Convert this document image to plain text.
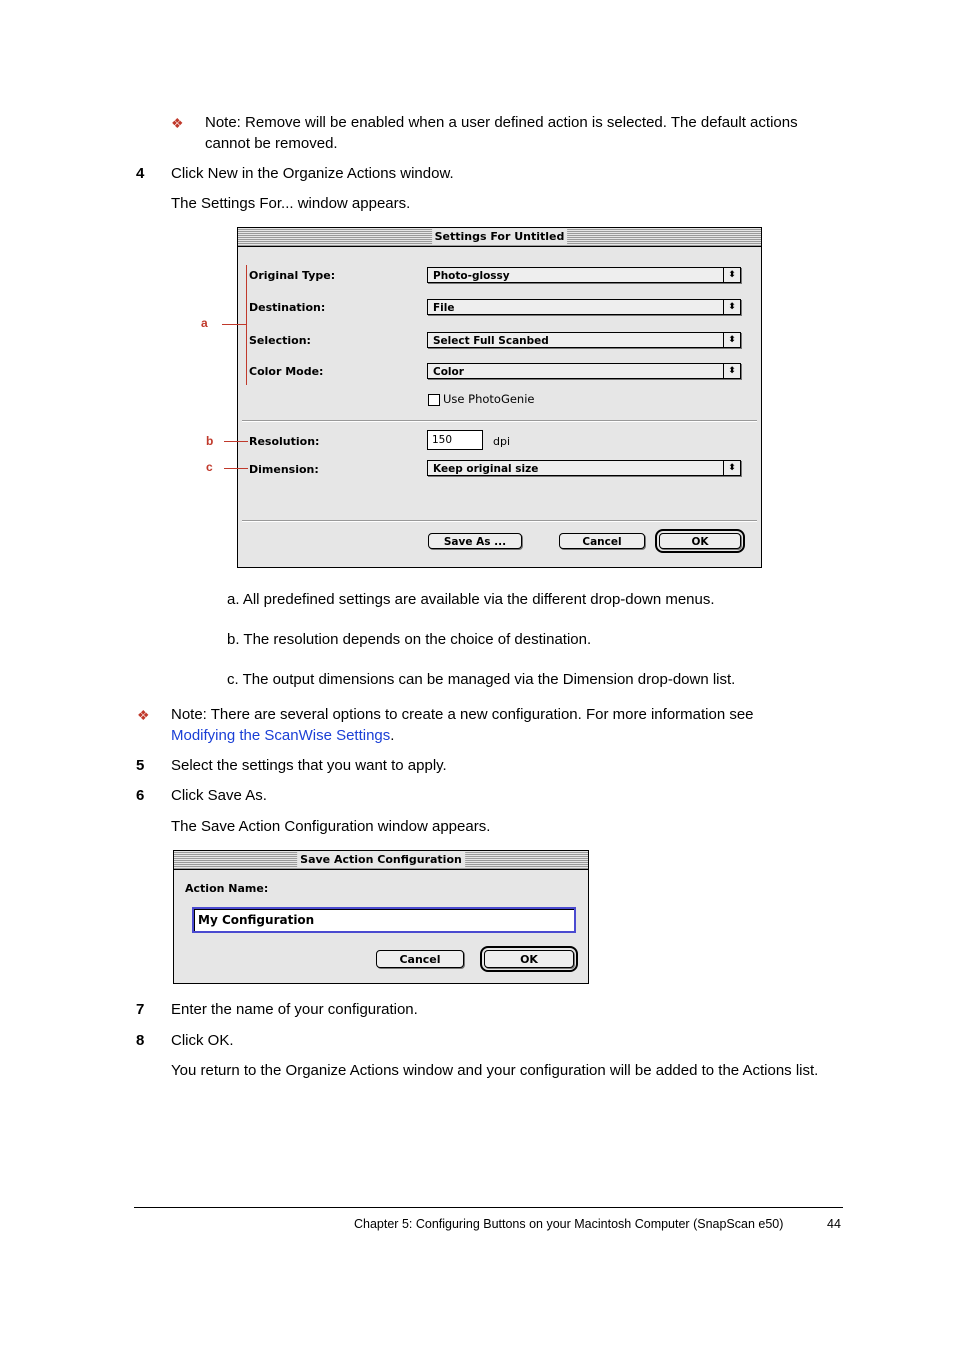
❖ Note: Remove will be enabled when a user defined action is selected. The default actions cannot be removed.
4 Click New in the Organize Actions window.
The Settings For... window appears.
Settings For Untitled
Original Type:	Photo-glossy	⬍
Destination:	File	⬍
Selection:	Select Full Scanbed	⬍
Color Mode:	Color	⬍
Use PhotoGenie
Resolution:	150	dpi
Dimension:	Keep original size	⬍
Save As ...	Cancel	OK
a
b
c
a. All predefined settings are available via the different drop-down menus.
b. The resolution depends on the choice of destination.
c. The output dimensions can be managed via the Dimension drop-down list.
❖ Note: There are several options to create a new configuration. For more information see
Modifying the ScanWise Settings.
5 Select the settings that you want to apply.
6 Click Save As.
The Save Action Configuration window appears.
Save Action Configuration
Action Name:
My Configuration
Cancel	OK
7 Enter the name of your configuration.
8 Click OK.
You return to the Organize Actions window and your configuration will be added to the Actions list.
Chapter 5: Configuring Buttons on your Macintosh Computer (SnapScan e50)	44
